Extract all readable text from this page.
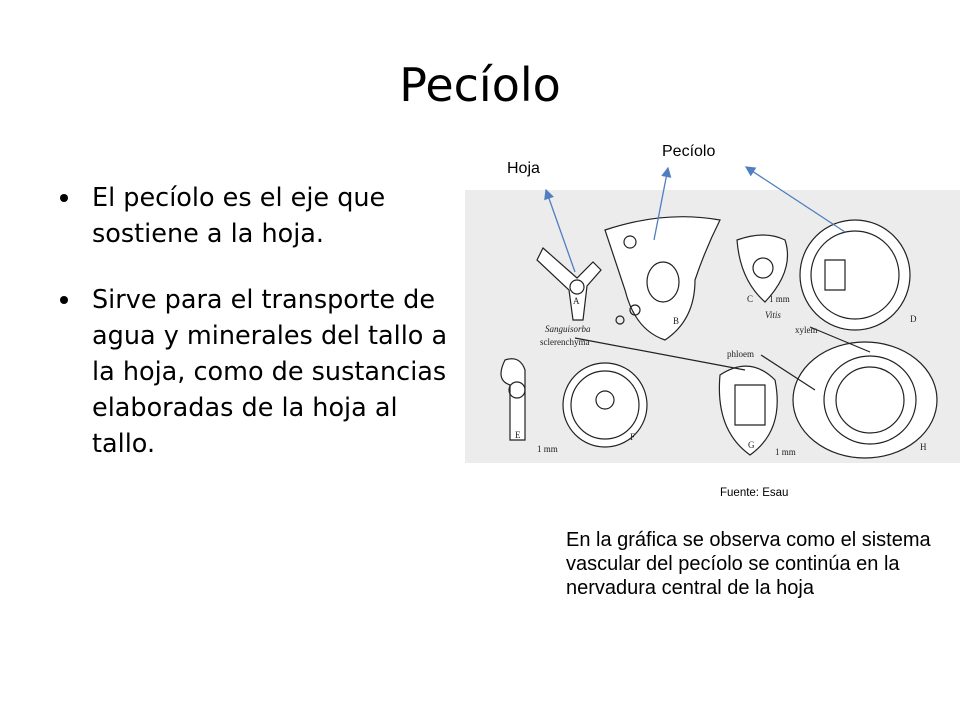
Pecíolo
El pecíolo es el eje que sostiene a la hoja.
Sirve para el transporte de agua y minerales del tallo a la hoja, como de sustancias elaboradas de la hoja al tallo.
A
Sanguisorba
B
C 1 mm
Vitis	D
xylem
phloem
sclerenchyma
E
1 mm
F
G
1 mm	H
Hoja
Pecíolo
Fuente: Esau
En la gráfica se observa como el sistema vascular del pecíolo se continúa en la nervadura central de la hoja
